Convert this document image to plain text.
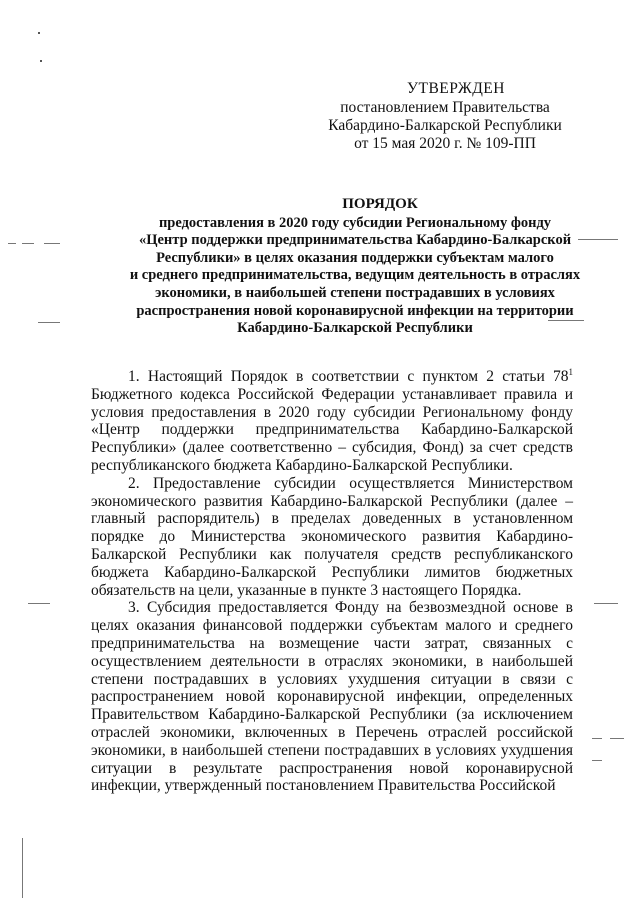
УТВЕРЖДЕН
постановлением Правительства
Кабардино-Балкарской Республики
от 15 мая 2020 г. № 109-ПП
ПОРЯДОК
предоставления в 2020 году субсидии Региональному фонду
«Центр поддержки предпринимательства Кабардино-Балкарской
Республики» в целях оказания поддержки субъектам малого
и среднего предпринимательства, ведущим деятельность в отраслях
экономики, в наибольшей степени пострадавших в условиях
распространения новой коронавирусной инфекции на территории
Кабардино-Балкарской Республики

1. Настоящий Порядок в соответствии с пунктом 2 статьи $78^1$ Бюджетного кодекса Российской Федерации устанавливает правила и условия предоставления в 2020 году субсидии Региональному фонду «Центр поддержки предпринимательства Кабардино-Балкарской Республики» (далее соответственно – субсидия, Фонд) за счет средств республиканского бюджета Кабардино-Балкарской Республики.

2. Предоставление субсидии осуществляется Министерством экономического развития Кабардино-Балкарской Республики (далее – главный распорядитель) в пределах доведенных в установленном порядке до Министерства экономического развития Кабардино-Балкарской Республики как получателя средств республиканского бюджета Кабардино-Балкарской Республики лимитов бюджетных обязательств на цели, указанные в пункте 3 настоящего Порядка.

3. Субсидия предоставляется Фонду на безвозмездной основе в целях оказания финансовой поддержки субъектам малого и среднего предпринимательства на возмещение части затрат, связанных с осуществлением деятельности в отраслях экономики, в наибольшей степени пострадавших в условиях ухудшения ситуации в связи с распространением новой коронавирусной инфекции, определенных Правительством Кабардино-Балкарской Республики (за исключением отраслей экономики, включенных в Перечень отраслей российской экономики, в наибольшей степени пострадавших в условиях ухудшения ситуации в результате распространения новой коронавирусной инфекции, утвержденный постановлением Правительства Российской
